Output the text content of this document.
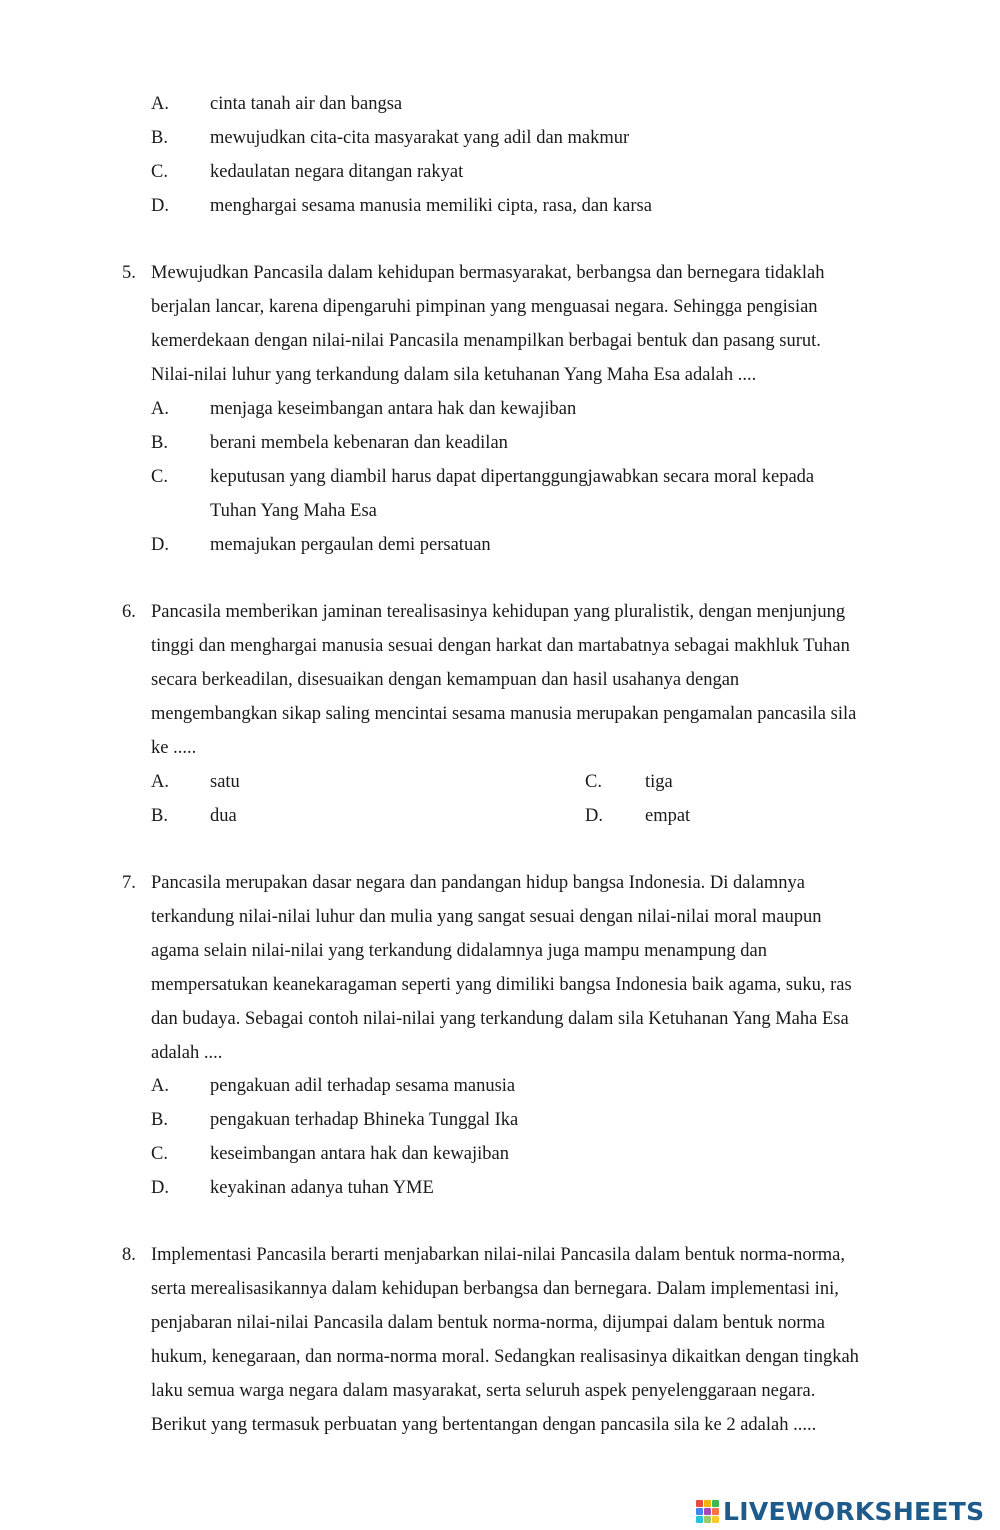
A. cinta tanah air dan bangsa
B. mewujudkan cita-cita masyarakat yang adil dan makmur
C. kedaulatan negara ditangan rakyat
D. menghargai sesama manusia memiliki cipta, rasa, dan karsa
5. Mewujudkan Pancasila dalam kehidupan bermasyarakat, berbangsa dan bernegara tidaklah
berjalan lancar, karena dipengaruhi pimpinan yang menguasai negara. Sehingga pengisian
kemerdekaan dengan nilai-nilai Pancasila menampilkan berbagai bentuk dan pasang surut.
Nilai-nilai luhur yang terkandung dalam sila ketuhanan Yang Maha Esa adalah ....
A. menjaga keseimbangan antara hak dan kewajiban
B. berani membela kebenaran dan keadilan
C. keputusan yang diambil harus dapat dipertanggungjawabkan secara moral kepada
Tuhan Yang Maha Esa
D. memajukan pergaulan demi persatuan
6. Pancasila memberikan jaminan terealisasinya kehidupan yang pluralistik, dengan menjunjung
tinggi dan menghargai manusia sesuai dengan harkat dan martabatnya sebagai makhluk Tuhan
secara berkeadilan, disesuaikan dengan kemampuan dan hasil usahanya dengan
mengembangkan sikap saling mencintai sesama manusia merupakan pengamalan pancasila sila
ke .....
A. satu	C. tiga
B. dua	D. empat
7. Pancasila merupakan dasar negara dan pandangan hidup bangsa Indonesia. Di dalamnya
terkandung nilai-nilai luhur dan mulia yang sangat sesuai dengan nilai-nilai moral maupun
agama selain nilai-nilai yang terkandung didalamnya juga mampu menampung dan
mempersatukan keanekaragaman seperti yang dimiliki bangsa Indonesia baik agama, suku, ras
dan budaya. Sebagai contoh nilai-nilai yang terkandung dalam sila Ketuhanan Yang Maha Esa
adalah ....
A. pengakuan adil terhadap sesama manusia
B. pengakuan terhadap Bhineka Tunggal Ika
C. keseimbangan antara hak dan kewajiban
D. keyakinan adanya tuhan YME
8. Implementasi Pancasila berarti menjabarkan nilai-nilai Pancasila dalam bentuk norma-norma,
serta merealisasikannya dalam kehidupan berbangsa dan bernegara. Dalam implementasi ini,
penjabaran nilai-nilai Pancasila dalam bentuk norma-norma, dijumpai dalam bentuk norma
hukum, kenegaraan, dan norma-norma moral. Sedangkan realisasinya dikaitkan dengan tingkah
laku semua warga negara dalam masyarakat, serta seluruh aspek penyelenggaraan negara.
Berikut yang termasuk perbuatan yang bertentangan dengan pancasila sila ke 2 adalah .....
LIVEWORKSHEETS
